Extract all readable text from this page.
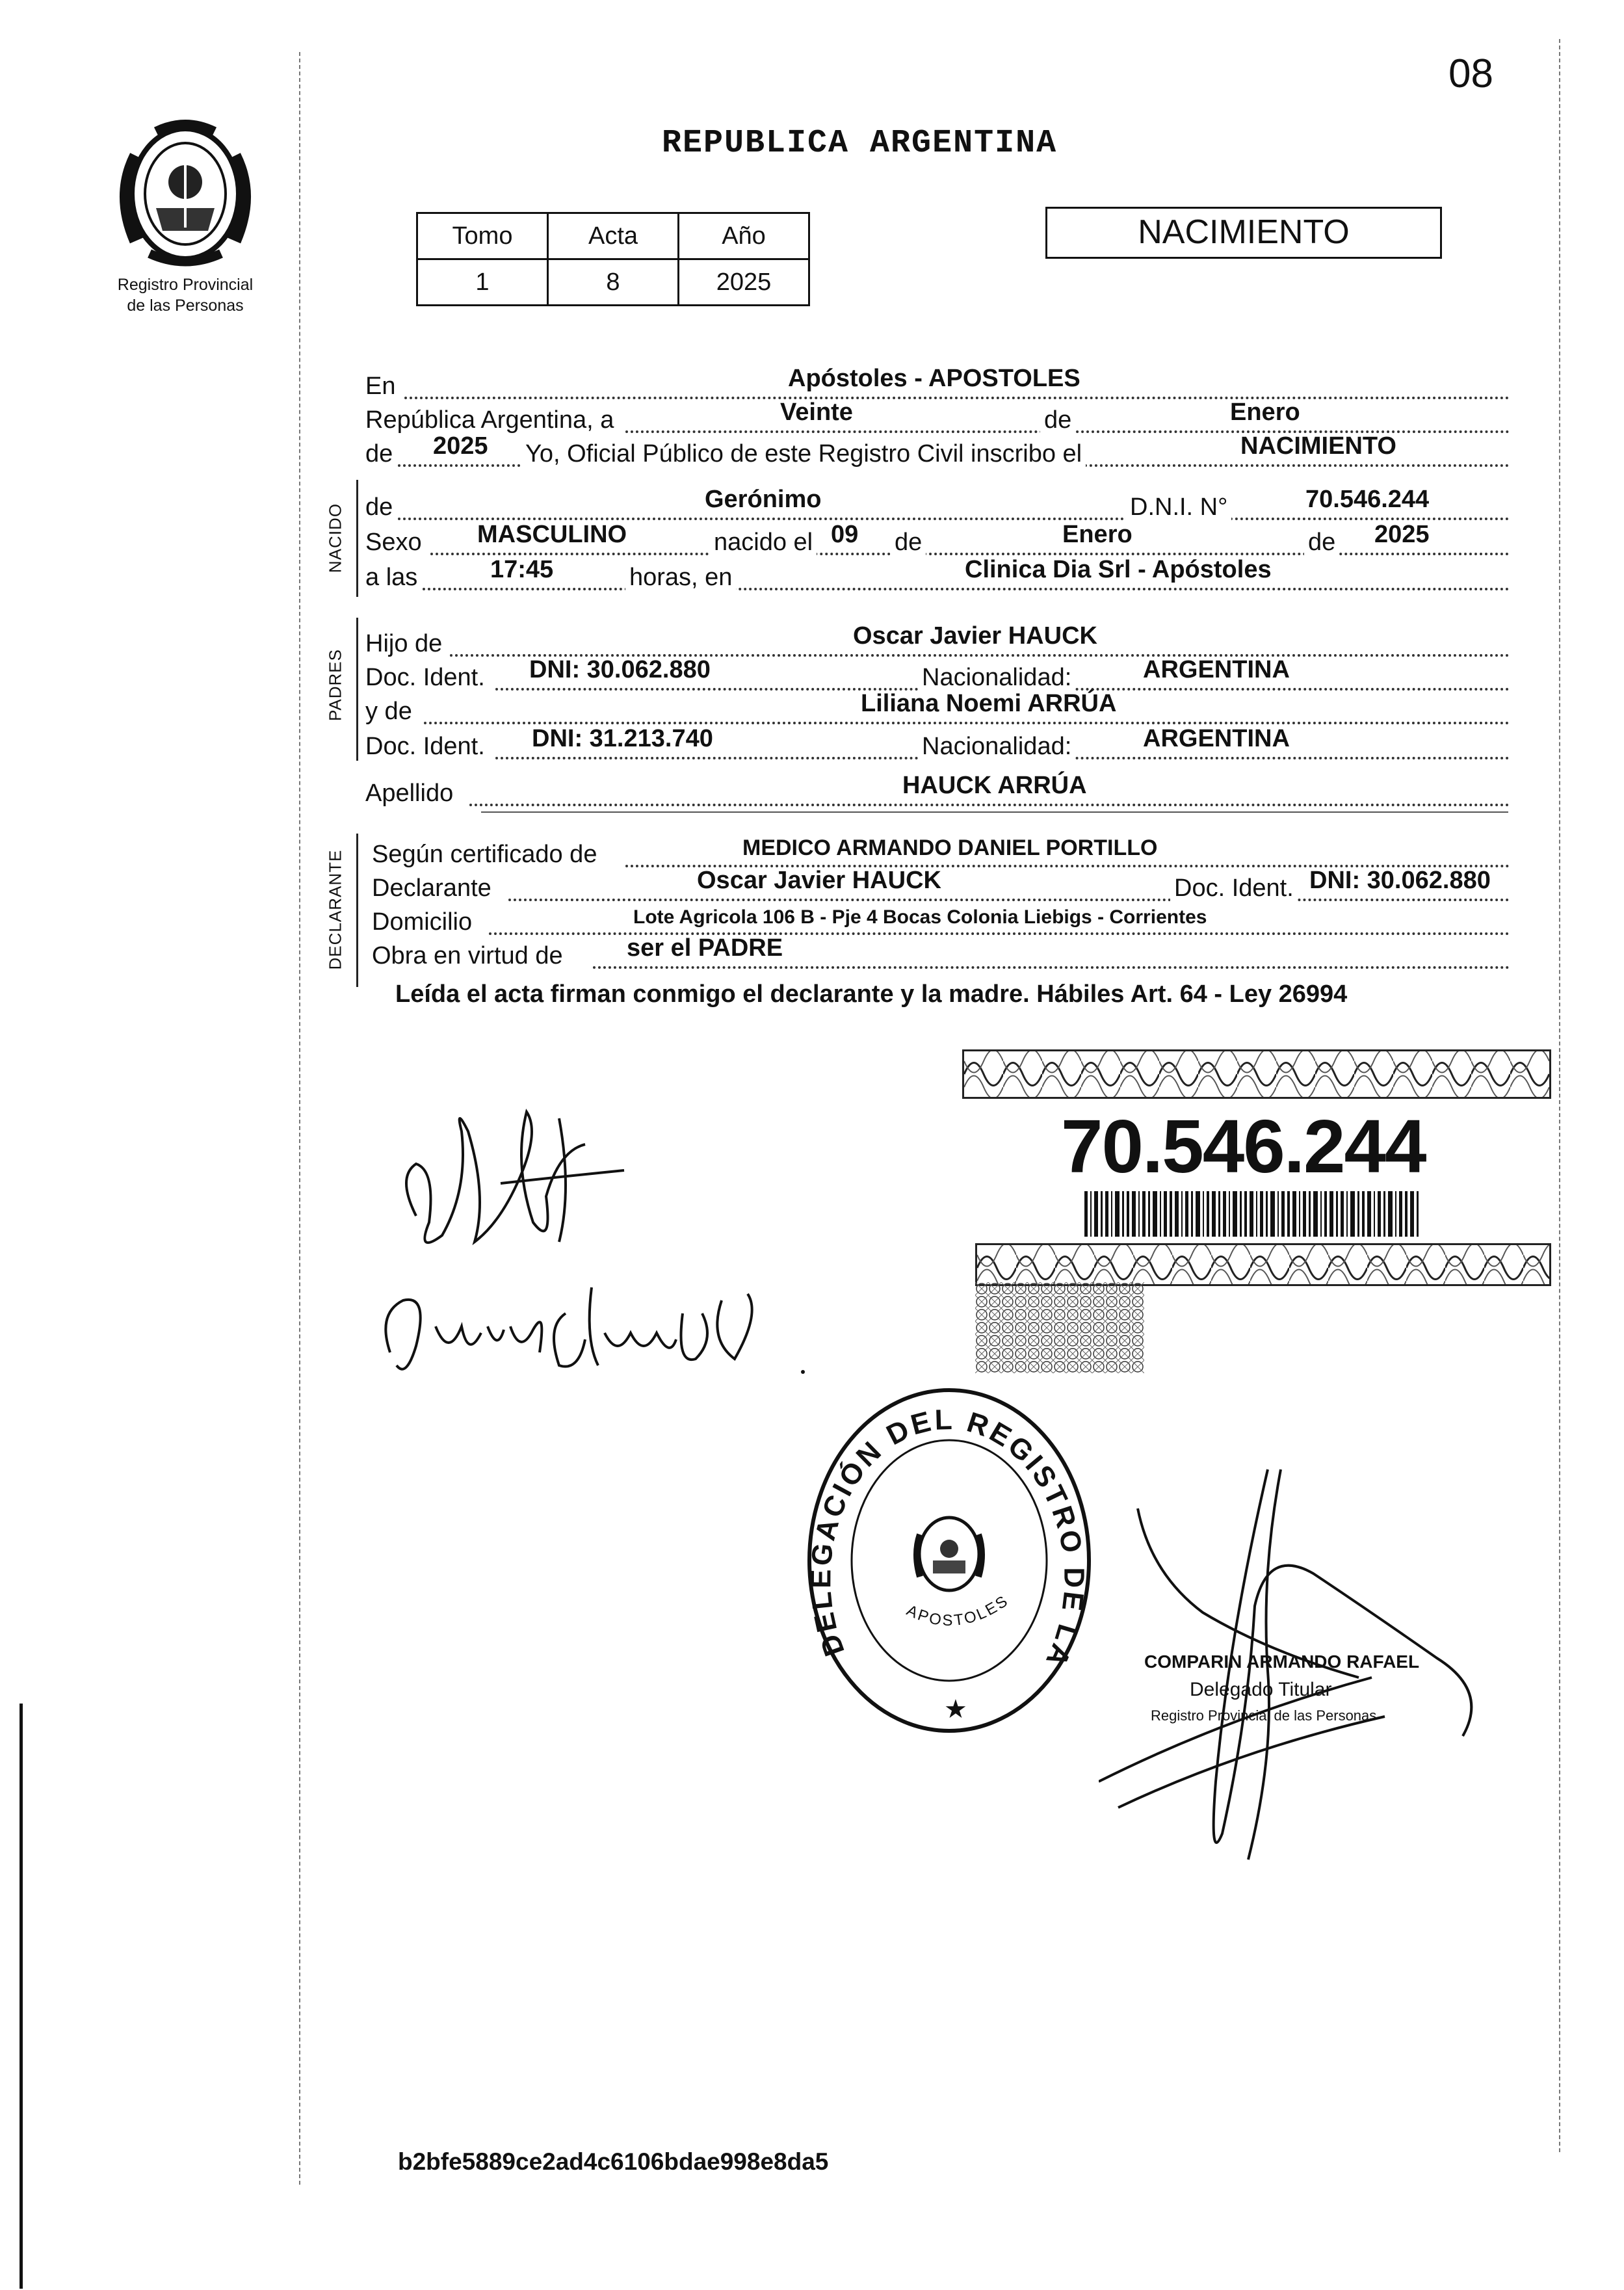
08
Registro Provincial
de las Personas
REPUBLICA ARGENTINA
Tomo	Acta	Año
1	8	2025
NACIMIENTO
En	Apóstoles - APOSTOLES
República Argentina, a	Veinte	de	Enero
de 2025 Yo, Oficial Público de este Registro Civil inscribo el	NACIMIENTO
NACIDO de	Gerónimo	D.N.I. N°	70.546.244
Sexo MASCULINO	nacido el 09 de	Enero	de 2025
a las	17:45	horas, en	Clinica Dia Srl - Apóstoles
PADRES
Hijo de	Oscar Javier HAUCK
Doc. Ident. DNI: 30.062.880	Nacionalidad:	ARGENTINA
y de	Liliana Noemi ARRÚA
Doc. Ident. DNI: 31.213.740	Nacionalidad:	ARGENTINA
Apellido	HAUCK ARRÚA
DECLARANTE Según certificado de	MEDICO ARMANDO DANIEL PORTILLO
Declarante	Oscar Javier HAUCK	Doc. Ident. DNI: 30.062.880
Domicilio	Lote Agricola 106 B - Pje 4 Bocas Colonia Liebigs - Corrientes
Obra en virtud de	ser el PADRE
Leída el acta firman conmigo el declarante y la madre. Hábiles Art. 64 - Ley 26994
70.546.244
DELEGACIÓN DEL REGISTRO DE LA
APOSTOLES
★
COMPARIN ARMANDO RAFAEL
Delegado Titular
Registro Provincial de las Personas
b2bfe5889ce2ad4c6106bdae998e8da5
